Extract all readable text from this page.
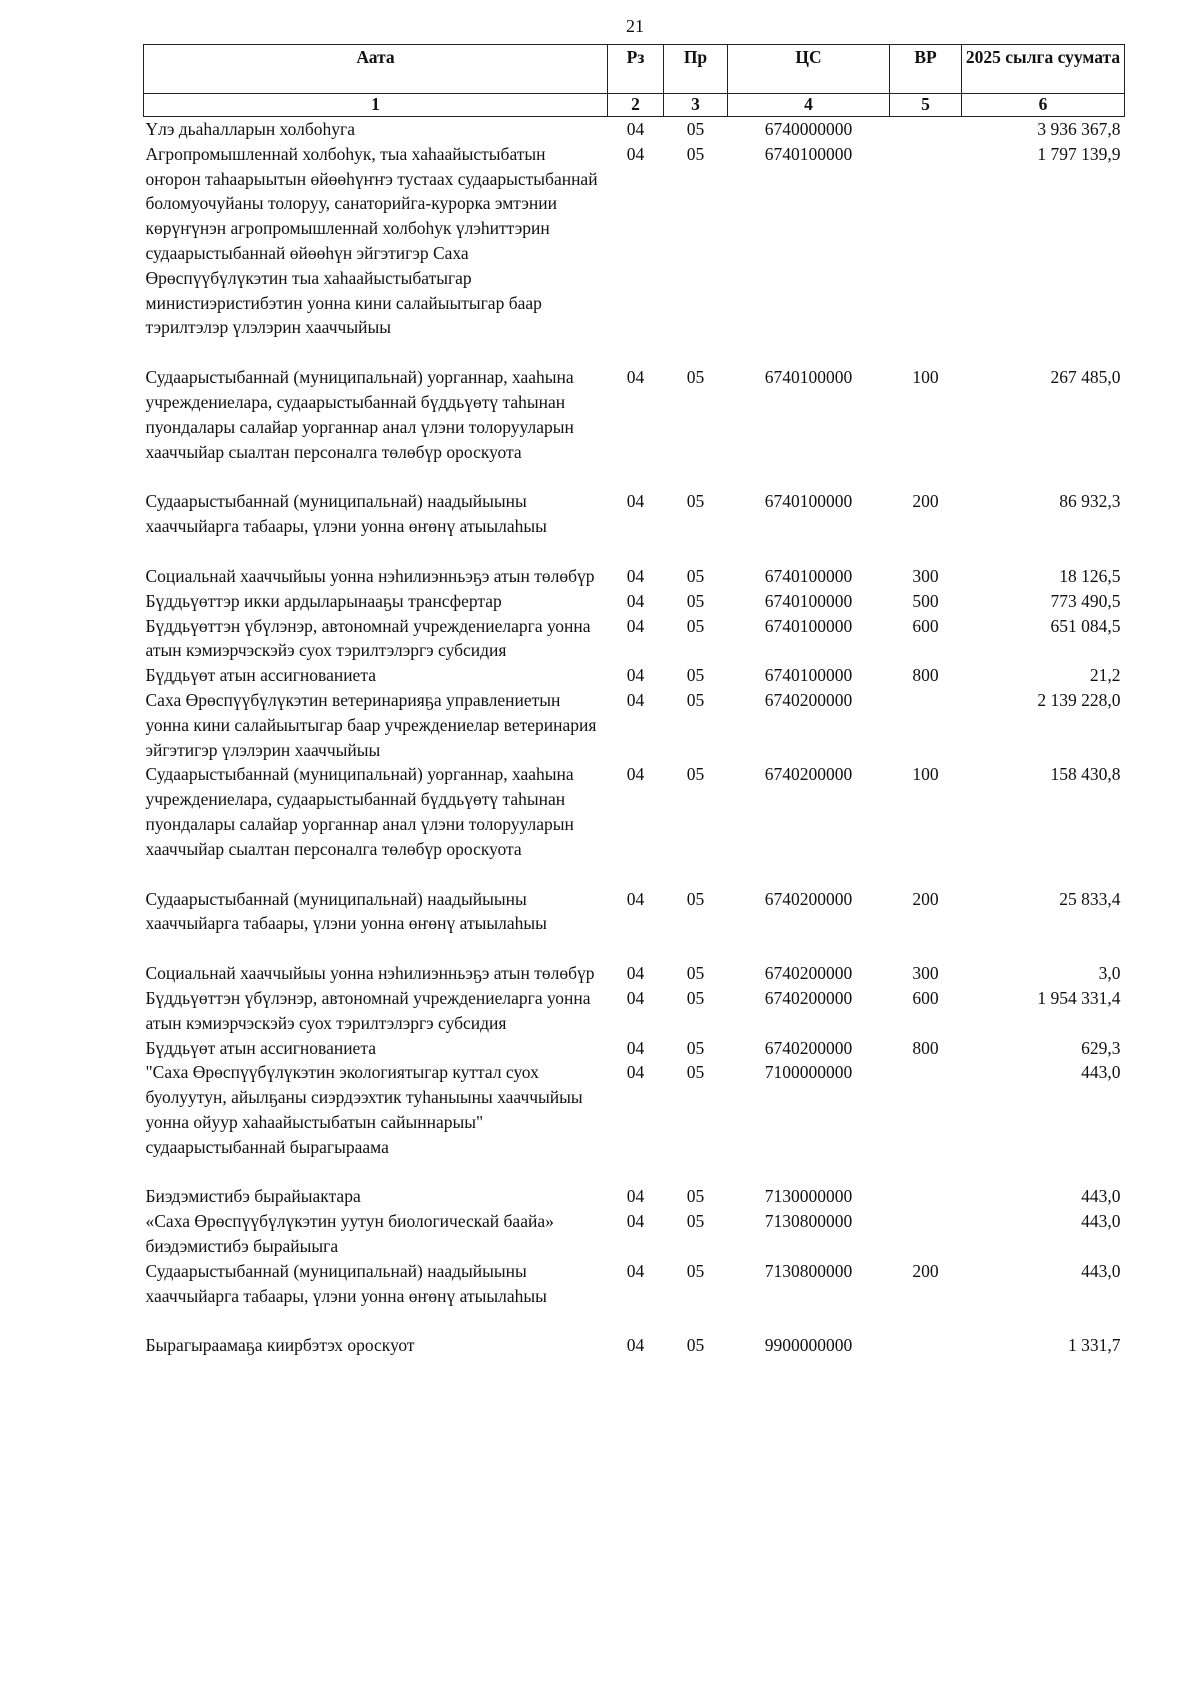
21
Аата	Рз	Пр	ЦС	ВР	2025 сылга суумата
1	2	3	4	5	6
Үлэ дьаһалларын холбоһуга	04	05	6740000000		3 936 367,8
Агропромышленнай холбоһук, тыа хаһаайыстыбатын оҥорон таһаарыытын өйөөһүҥҥэ тустаах судаарыстыбаннай боломуочуйаны толоруу, санаторийга-курорка эмтэнии көрүҥүнэн агропромышленнай холбоһук үлэһиттэрин судаарыстыбаннай өйөөһүн эйгэтигэр Саха Өрөспүүбүлүкэтин тыа хаһаайыстыбатыгар министиэристибэтин уонна кини салайыытыгар баар тэрилтэлэр үлэлэрин хааччыйыы	04	05	6740100000		1 797 139,9
Судаарыстыбаннай (муниципальнай) уорганнар, хааһына учреждениелара, судаарыстыбаннай бүддьүөтү таһынан пуондалары салайар уорганнар анал үлэни толорууларын хааччыйар сыалтан персоналга төлөбүр ороскуота	04	05	6740100000	100	267 485,0
Судаарыстыбаннай (муниципальнай) наадыйыыны хааччыйарга табаары, үлэни уонна өҥөнү атыылаһыы	04	05	6740100000	200	86 932,3
Социальнай хааччыйыы уонна нэһилиэнньэҕэ атын төлөбүр	04	05	6740100000	300	18 126,5
Бүддьүөттэр икки ардыларынааҕы трансфертар	04	05	6740100000	500	773 490,5
Бүддьүөттэн үбүлэнэр, автономнай учреждениеларга уонна атын кэмиэрчэскэйэ суох тэрилтэлэргэ субсидия	04	05	6740100000	600	651 084,5
Бүддьүөт атын ассигнованиета	04	05	6740100000	800	21,2
Саха Өрөспүүбүлүкэтин ветеринарияҕа управлениетын уонна кини салайыытыгар баар учреждениелар ветеринария эйгэтигэр үлэлэрин хааччыйыы	04	05	6740200000		2 139 228,0
Судаарыстыбаннай (муниципальнай) уорганнар, хааһына учреждениелара, судаарыстыбаннай бүддьүөтү таһынан пуондалары салайар уорганнар анал үлэни толорууларын хааччыйар сыалтан персоналга төлөбүр ороскуота	04	05	6740200000	100	158 430,8
Судаарыстыбаннай (муниципальнай) наадыйыыны хааччыйарга табаары, үлэни уонна өҥөнү атыылаһыы	04	05	6740200000	200	25 833,4
Социальнай хааччыйыы уонна нэһилиэнньэҕэ атын төлөбүр	04	05	6740200000	300	3,0
Бүддьүөттэн үбүлэнэр, автономнай учреждениеларга уонна атын кэмиэрчэскэйэ суох тэрилтэлэргэ субсидия	04	05	6740200000	600	1 954 331,4
Бүддьүөт атын ассигнованиета	04	05	6740200000	800	629,3
"Саха Өрөспүүбүлүкэтин экологиятыгар куттал суох буолуутун, айылҕаны сиэрдээхтик туһаныыны хааччыйыы уонна ойуур хаһаайыстыбатын сайыннарыы" судаарыстыбаннай бырагыраама	04	05	7100000000		443,0
Биэдэмистибэ бырайыактара	04	05	7130000000		443,0
«Саха Өрөспүүбүлүкэтин уутун биологическай баайа» биэдэмистибэ бырайыыга	04	05	7130800000		443,0
Судаарыстыбаннай (муниципальнай) наадыйыыны хааччыйарга табаары, үлэни уонна өҥөнү атыылаһыы	04	05	7130800000	200	443,0
Бырагыраамаҕа киирбэтэх ороскуот	04	05	9900000000		1 331,7
